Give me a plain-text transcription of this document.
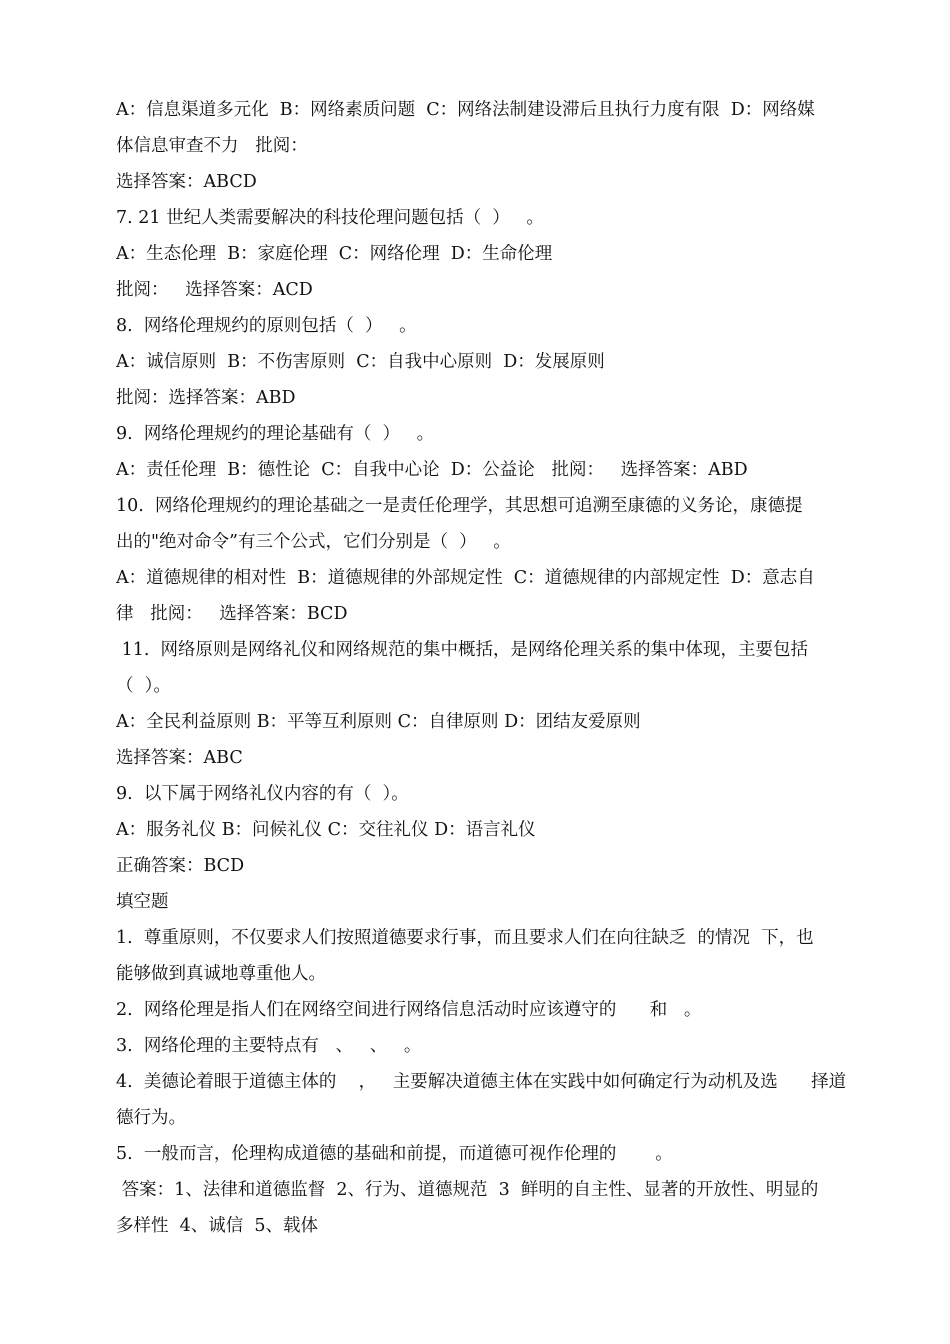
A：信息渠道多元化  B：网络素质问题  C：网络法制建设滞后且执行力度有限  D：网络媒
体信息审查不力   批阅：
选择答案：ABCD
7. 21 世纪人类需要解决的科技伦理问题包括（  ）   。
A：生态伦理  B：家庭伦理  C：网络伦理  D：生命伦理
批阅：   选择答案：ACD
8.  网络伦理规约的原则包括（  ）   。
A：诚信原则  B：不伤害原则  C：自我中心原则  D：发展原则
批阅：选择答案：ABD
9.  网络伦理规约的理论基础有（  ）   。
A：责任伦理  B：德性论  C：自我中心论  D：公益论   批阅：   选择答案：ABD
10.  网络伦理规约的理论基础之一是责任伦理学，其思想可追溯至康德的义务论，康德提
出的"绝对命令”有三个公式，它们分别是（  ）   。
A：道德规律的相对性  B：道德规律的外部规定性  C：道德规律的内部规定性  D：意志自
律   批阅：   选择答案：BCD
11.  网络原则是网络礼仪和网络规范的集中概括，是网络伦理关系的集中体现，主要包括
（  ）。
A：全民利益原则 B：平等互利原则 C：自律原则 D：团结友爱原则
选择答案：ABC
9.  以下属于网络礼仪内容的有（  ）。
A：服务礼仪 B：问候礼仪 C：交往礼仪 D：语言礼仪
正确答案：BCD
填空题
1.  尊重原则，不仅要求人们按照道德要求行事，而且要求人们在向往缺乏  的情况  下，也
能够做到真诚地尊重他人。
2.  网络伦理是指人们在网络空间进行网络信息活动时应该遵守的      和   。
3.  网络伦理的主要特点有   、   、   。
4.  美德论着眼于道德主体的    ，   主要解决道德主体在实践中如何确定行为动机及选      择道
德行为。
5.  一般而言，伦理构成道德的基础和前提，而道德可视作伦理的       。
答案：1、法律和道德监督  2、行为、道德规范  3  鲜明的自主性、显著的开放性、明显的
多样性  4、诚信  5、载体
